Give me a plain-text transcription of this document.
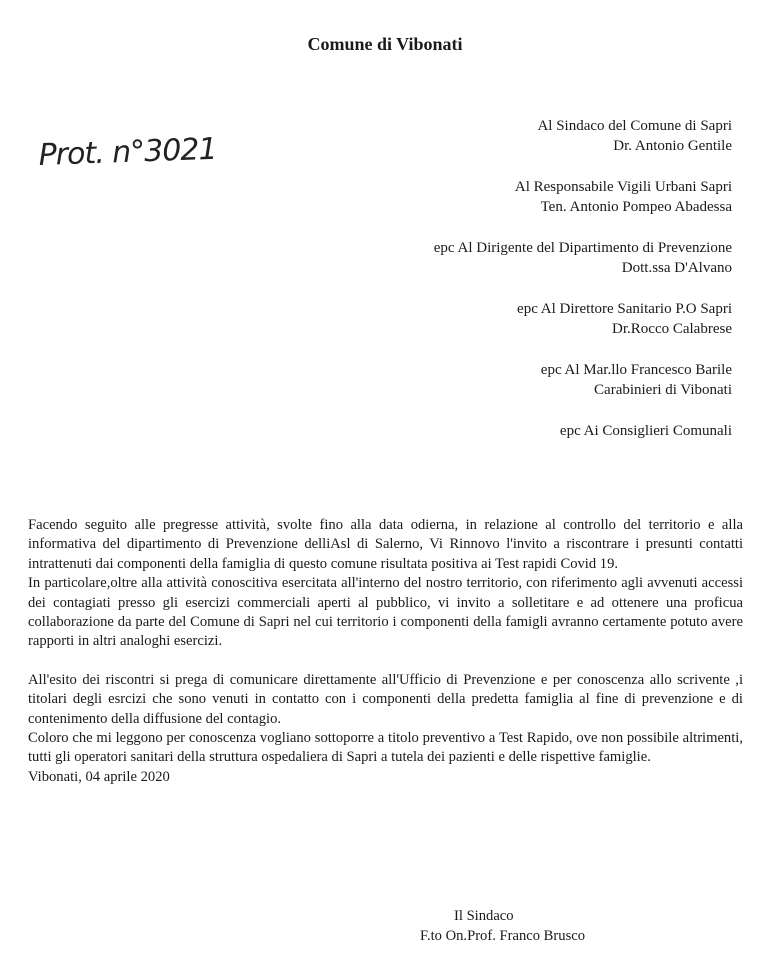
Comune di Vibonati
Prot. n°3021
Al Sindaco del Comune di Sapri
Dr. Antonio Gentile
Al Responsabile Vigili Urbani Sapri
Ten. Antonio Pompeo Abadessa
epc Al Dirigente del Dipartimento di Prevenzione
Dott.ssa D'Alvano
epc Al Direttore Sanitario P.O Sapri
Dr.Rocco Calabrese
epc Al Mar.llo Francesco Barile
Carabinieri di Vibonati
epc Ai Consiglieri Comunali

Facendo seguito alle pregresse attività, svolte fino alla data odierna, in relazione al controllo del territorio e alla informativa del dipartimento di Prevenzione delliAsl di Salerno, Vi Rinnovo l'invito a riscontrare i presunti contatti intrattenuti dai componenti della famiglia di questo comune risultata positiva ai Test rapidi Covid 19.

In particolare,oltre alla attività conoscitiva esercitata all'interno del nostro territorio, con riferimento agli avvenuti accessi dei contagiati presso gli esercizi commerciali aperti al pubblico, vi invito a solletitare e ad ottenere una proficua collaborazione da parte del Comune di Sapri nel cui territorio i componenti della famigli avranno certamente potuto avere rapporti in altri analoghi esercizi.

All'esito dei riscontri si prega di comunicare direttamente all'Ufficio di Prevenzione e per conoscenza allo scrivente ,i titolari degli esrcizi che sono venuti in contatto con i componenti della predetta famiglia al fine di prevenzione e di contenimento della diffusione del contagio.

Coloro che mi leggono per conoscenza vogliano sottoporre a titolo preventivo a Test Rapido, ove non possibile altrimenti, tutti gli operatori sanitari della struttura ospedaliera di Sapri a tutela dei pazienti e delle rispettive famiglie.

Vibonati, 04 aprile 2020

Il Sindaco
F.to On.Prof. Franco Brusco
